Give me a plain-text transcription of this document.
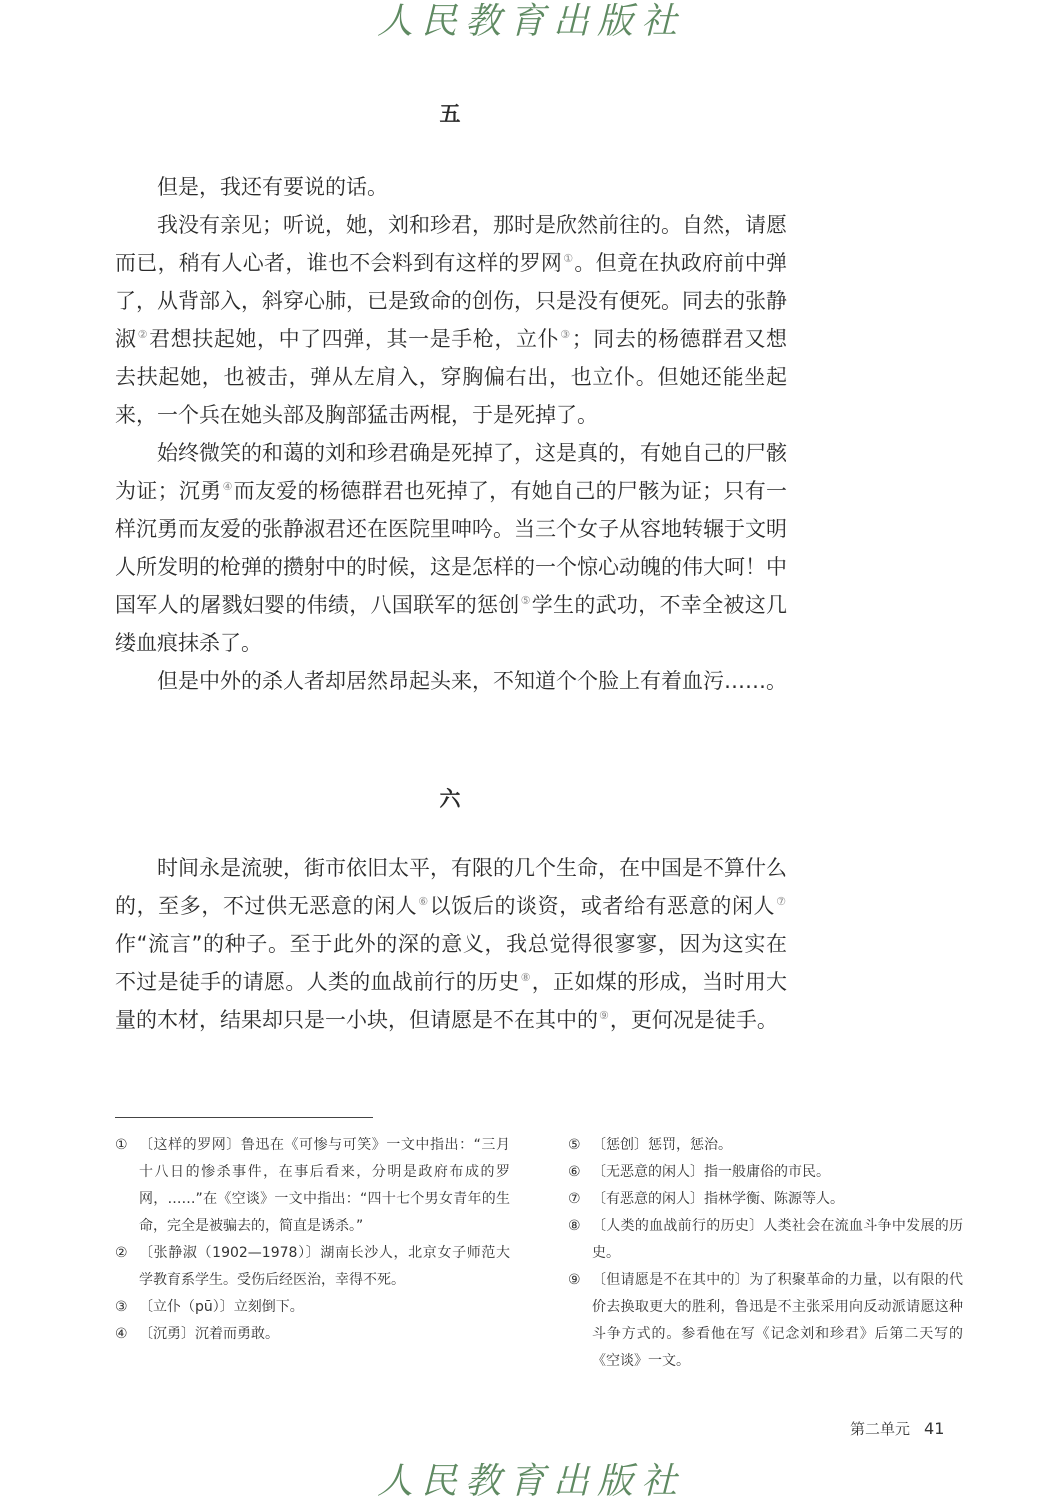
人民教育出版社
五

但是，我还有要说的话。

我没有亲见；听说，她，刘和珍君，那时是欣然前往的。自然，请愿而已，稍有人心者，谁也不会料到有这样的罗网①。但竟在执政府前中弹了，从背部入，斜穿心肺，已是致命的创伤，只是没有便死。同去的张静淑②君想扶起她，中了四弹，其一是手枪，立仆③；同去的杨德群君又想去扶起她，也被击，弹从左肩入，穿胸偏右出，也立仆。但她还能坐起来，一个兵在她头部及胸部猛击两棍，于是死掉了。

始终微笑的和蔼的刘和珍君确是死掉了，这是真的，有她自己的尸骸为证；沉勇④而友爱的杨德群君也死掉了，有她自己的尸骸为证；只有一样沉勇而友爱的张静淑君还在医院里呻吟。当三个女子从容地转辗于文明人所发明的枪弹的攒射中的时候，这是怎样的一个惊心动魄的伟大呵！中国军人的屠戮妇婴的伟绩，八国联军的惩创⑤学生的武功，不幸全被这几缕血痕抹杀了。

但是中外的杀人者却居然昂起头来，不知道个个脸上有着血污……。

六

时间永是流驶，街市依旧太平，有限的几个生命，在中国是不算什么的，至多，不过供无恶意的闲人⑥以饭后的谈资，或者给有恶意的闲人⑦作“流言”的种子。至于此外的深的意义，我总觉得很寥寥，因为这实在不过是徒手的请愿。人类的血战前行的历史⑧，正如煤的形成，当时用大量的木材，结果却只是一小块，但请愿是不在其中的⑨，更何况是徒手。

① 〔这样的罗网〕鲁迅在《可惨与可笑》一文中指出：“三月十八日的惨杀事件，在事后看来，分明是政府布成的罗网，……”在《空谈》一文中指出：“四十七个男女青年的生命，完全是被骗去的，简直是诱杀。”
② 〔张静淑（1902—1978）〕湖南长沙人，北京女子师范大学教育系学生。受伤后经医治，幸得不死。
③ 〔立仆（pū）〕立刻倒下。
④ 〔沉勇〕沉着而勇敢。
⑤ 〔惩创〕惩罚，惩治。
⑥ 〔无恶意的闲人〕指一般庸俗的市民。
⑦ 〔有恶意的闲人〕指林学衡、陈源等人。
⑧ 〔人类的血战前行的历史〕人类社会在流血斗争中发展的历史。
⑨ 〔但请愿是不在其中的〕为了积聚革命的力量，以有限的代价去换取更大的胜利，鲁迅是不主张采用向反动派请愿这种斗争方式的。参看他在写《记念刘和珍君》后第二天写的《空谈》一文。
第二单元 41
人民教育出版社
